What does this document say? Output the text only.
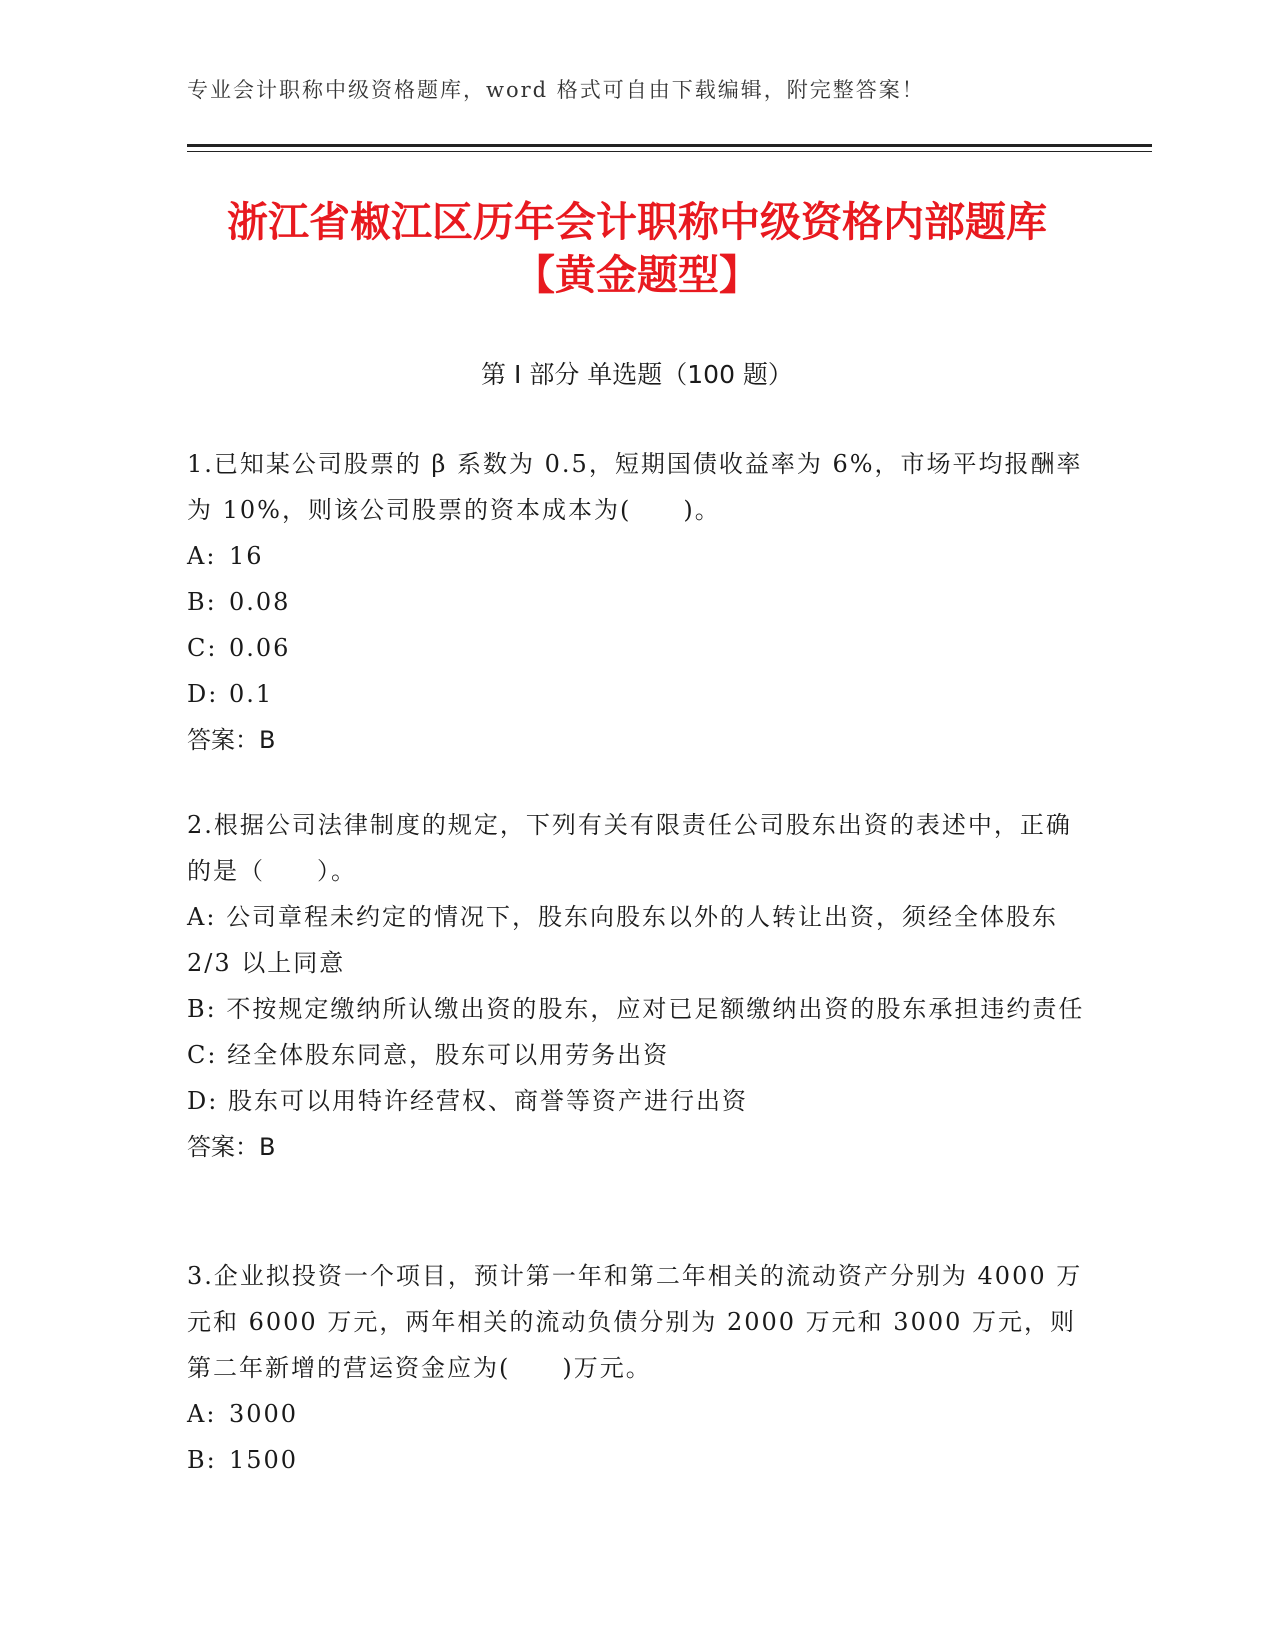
专业会计职称中级资格题库，word 格式可自由下载编辑，附完整答案！
浙江省椒江区历年会计职称中级资格内部题库【黄金题型】
第 I 部分 单选题（100 题）

1.已知某公司股票的 β 系数为 0.5，短期国债收益率为 6%，市场平均报酬率为 10%，则该公司股票的资本成本为(　　)。

A: 16

B: 0.08

C: 0.06

D: 0.1

答案：B

2.根据公司法律制度的规定，下列有关有限责任公司股东出资的表述中，正确的是（　　）。

A: 公司章程未约定的情况下，股东向股东以外的人转让出资，须经全体股东 2/3 以上同意

B: 不按规定缴纳所认缴出资的股东，应对已足额缴纳出资的股东承担违约责任

C: 经全体股东同意，股东可以用劳务出资

D: 股东可以用特许经营权、商誉等资产进行出资

答案：B

3.企业拟投资一个项目，预计第一年和第二年相关的流动资产分别为 4000 万元和 6000 万元，两年相关的流动负债分别为 2000 万元和 3000 万元，则第二年新增的营运资金应为(　　)万元。

A: 3000

B: 1500
